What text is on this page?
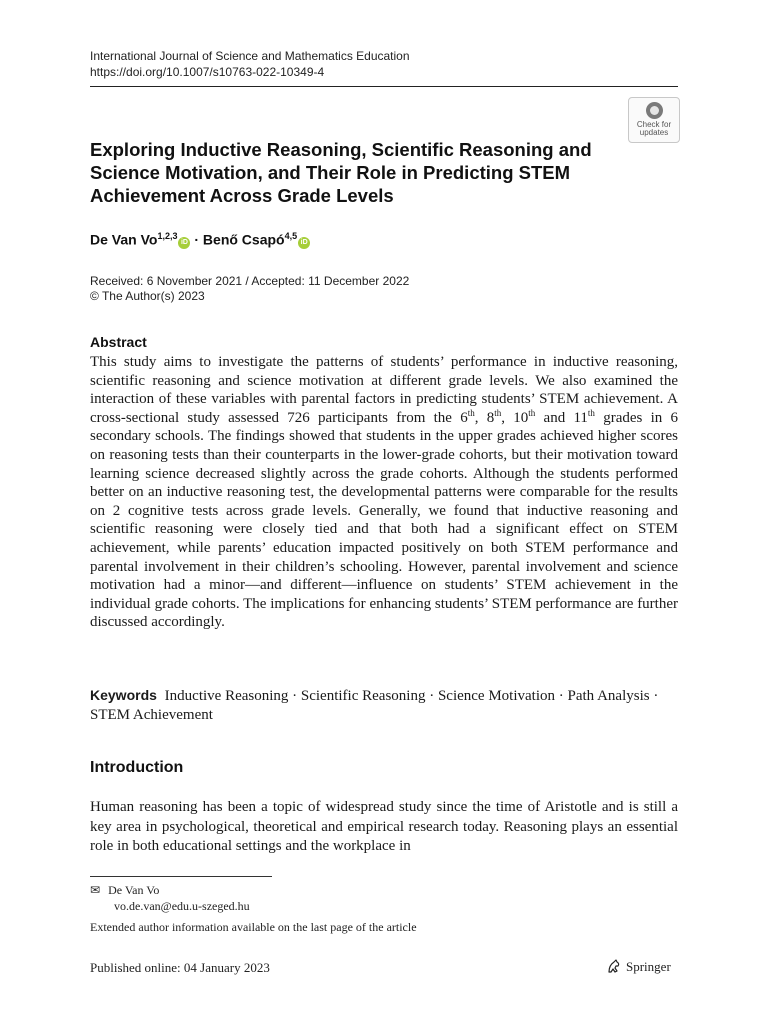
International Journal of Science and Mathematics Education
https://doi.org/10.1007/s10763-022-10349-4
Check for
updates
Exploring Inductive Reasoning, Scientific Reasoning and Science Motivation, and Their Role in Predicting STEM Achievement Across Grade Levels
De Van Vo$^{1,2,3}$iD · Benő Csapó$^{4,5}$iD
Received: 6 November 2021 / Accepted: 11 December 2022
© The Author(s) 2023
Abstract
This study aims to investigate the patterns of students’ performance in inductive reasoning, scientific reasoning and science motivation at different grade levels. We also examined the interaction of these variables with parental factors in predicting students’ STEM achievement. A cross-sectional study assessed 726 participants from the 6th, 8th, 10th and 11th grades in 6 secondary schools. The findings showed that students in the upper grades achieved higher scores on reasoning tests than their counterparts in the lower-grade cohorts, but their motivation toward learning science decreased slightly across the grade cohorts. Although the students performed better on an inductive reasoning test, the developmental patterns were comparable for the results on 2 cognitive tests across grade levels. Generally, we found that inductive reasoning and scientific reasoning were closely tied and that both had a significant effect on STEM achievement, while parents’ education impacted positively on both STEM performance and parental involvement in their children’s schooling. However, parental involvement and science motivation had a minor—and different—influence on students’ STEM achievement in the individual grade cohorts. The implications for enhancing students’ STEM performance are further discussed accordingly.
Keywords Inductive Reasoning · Scientific Reasoning · Science Motivation · Path Analysis · STEM Achievement
Introduction
Human reasoning has been a topic of widespread study since the time of Aristotle and is still a key area in psychological, theoretical and empirical research today. Reasoning plays an essential role in both educational settings and the workplace in
✉ De Van Vo
vo.de.van@edu.u-szeged.hu
Extended author information available on the last page of the article
Published online: 04 January 2023	Springer
